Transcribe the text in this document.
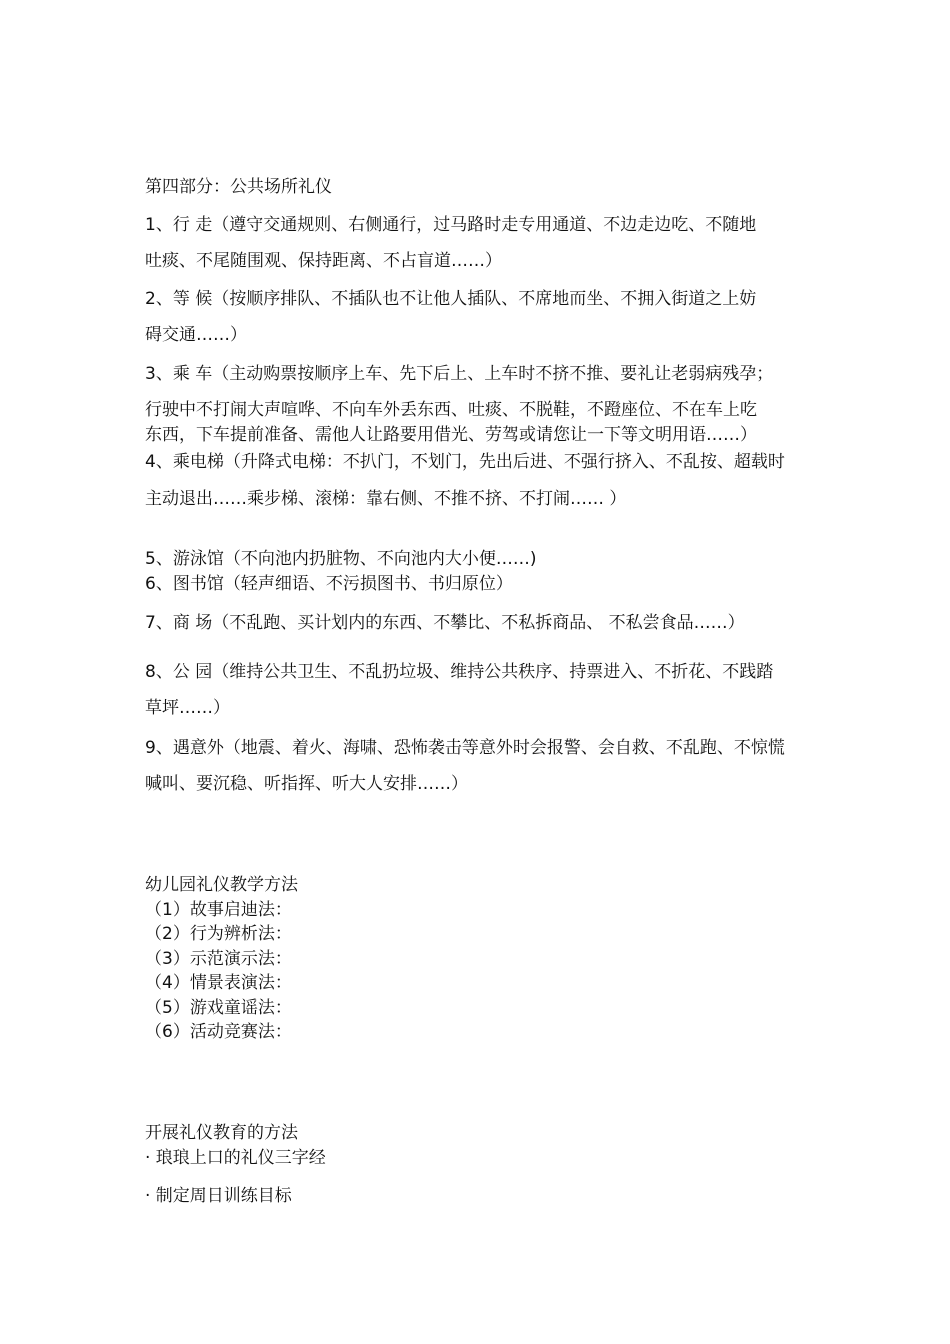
第四部分：公共场所礼仪
1、行 走（遵守交通规则、右侧通行，过马路时走专用通道、不边走边吃、不随地
吐痰、不尾随围观、保持距离、不占盲道……）
2、等 候（按顺序排队、不插队也不让他人插队、不席地而坐、不拥入街道之上妨
碍交通……）
3、乘 车（主动购票按顺序上车、先下后上、上车时不挤不推、要礼让老弱病残孕；
行驶中不打闹大声喧哗、不向车外丢东西、吐痰、不脱鞋，不蹬座位、不在车上吃
东西，下车提前准备、需他人让路要用借光、劳驾或请您让一下等文明用语……）
4、乘电梯（升降式电梯：不扒门，不划门，先出后进、不强行挤入、不乱按、超载时
主动退出……乘步梯、滚梯：靠右侧、不推不挤、不打闹…… ）
5、游泳馆（不向池内扔脏物、不向池内大小便……)
6、图书馆（轻声细语、不污损图书、书归原位）
7、商 场（不乱跑、买计划内的东西、不攀比、不私拆商品、 不私尝食品……）
8、公 园（维持公共卫生、不乱扔垃圾、维持公共秩序、持票进入、不折花、不践踏
草坪……）
9、遇意外（地震、着火、海啸、恐怖袭击等意外时会报警、会自救、不乱跑、不惊慌
喊叫、要沉稳、听指挥、听大人安排……）
幼儿园礼仪教学方法
（1）故事启迪法：
（2）行为辨析法：
（3）示范演示法：
（4）情景表演法：
（5）游戏童谣法：
（6）活动竞赛法：
开展礼仪教育的方法
· 琅琅上口的礼仪三字经
· 制定周日训练目标
